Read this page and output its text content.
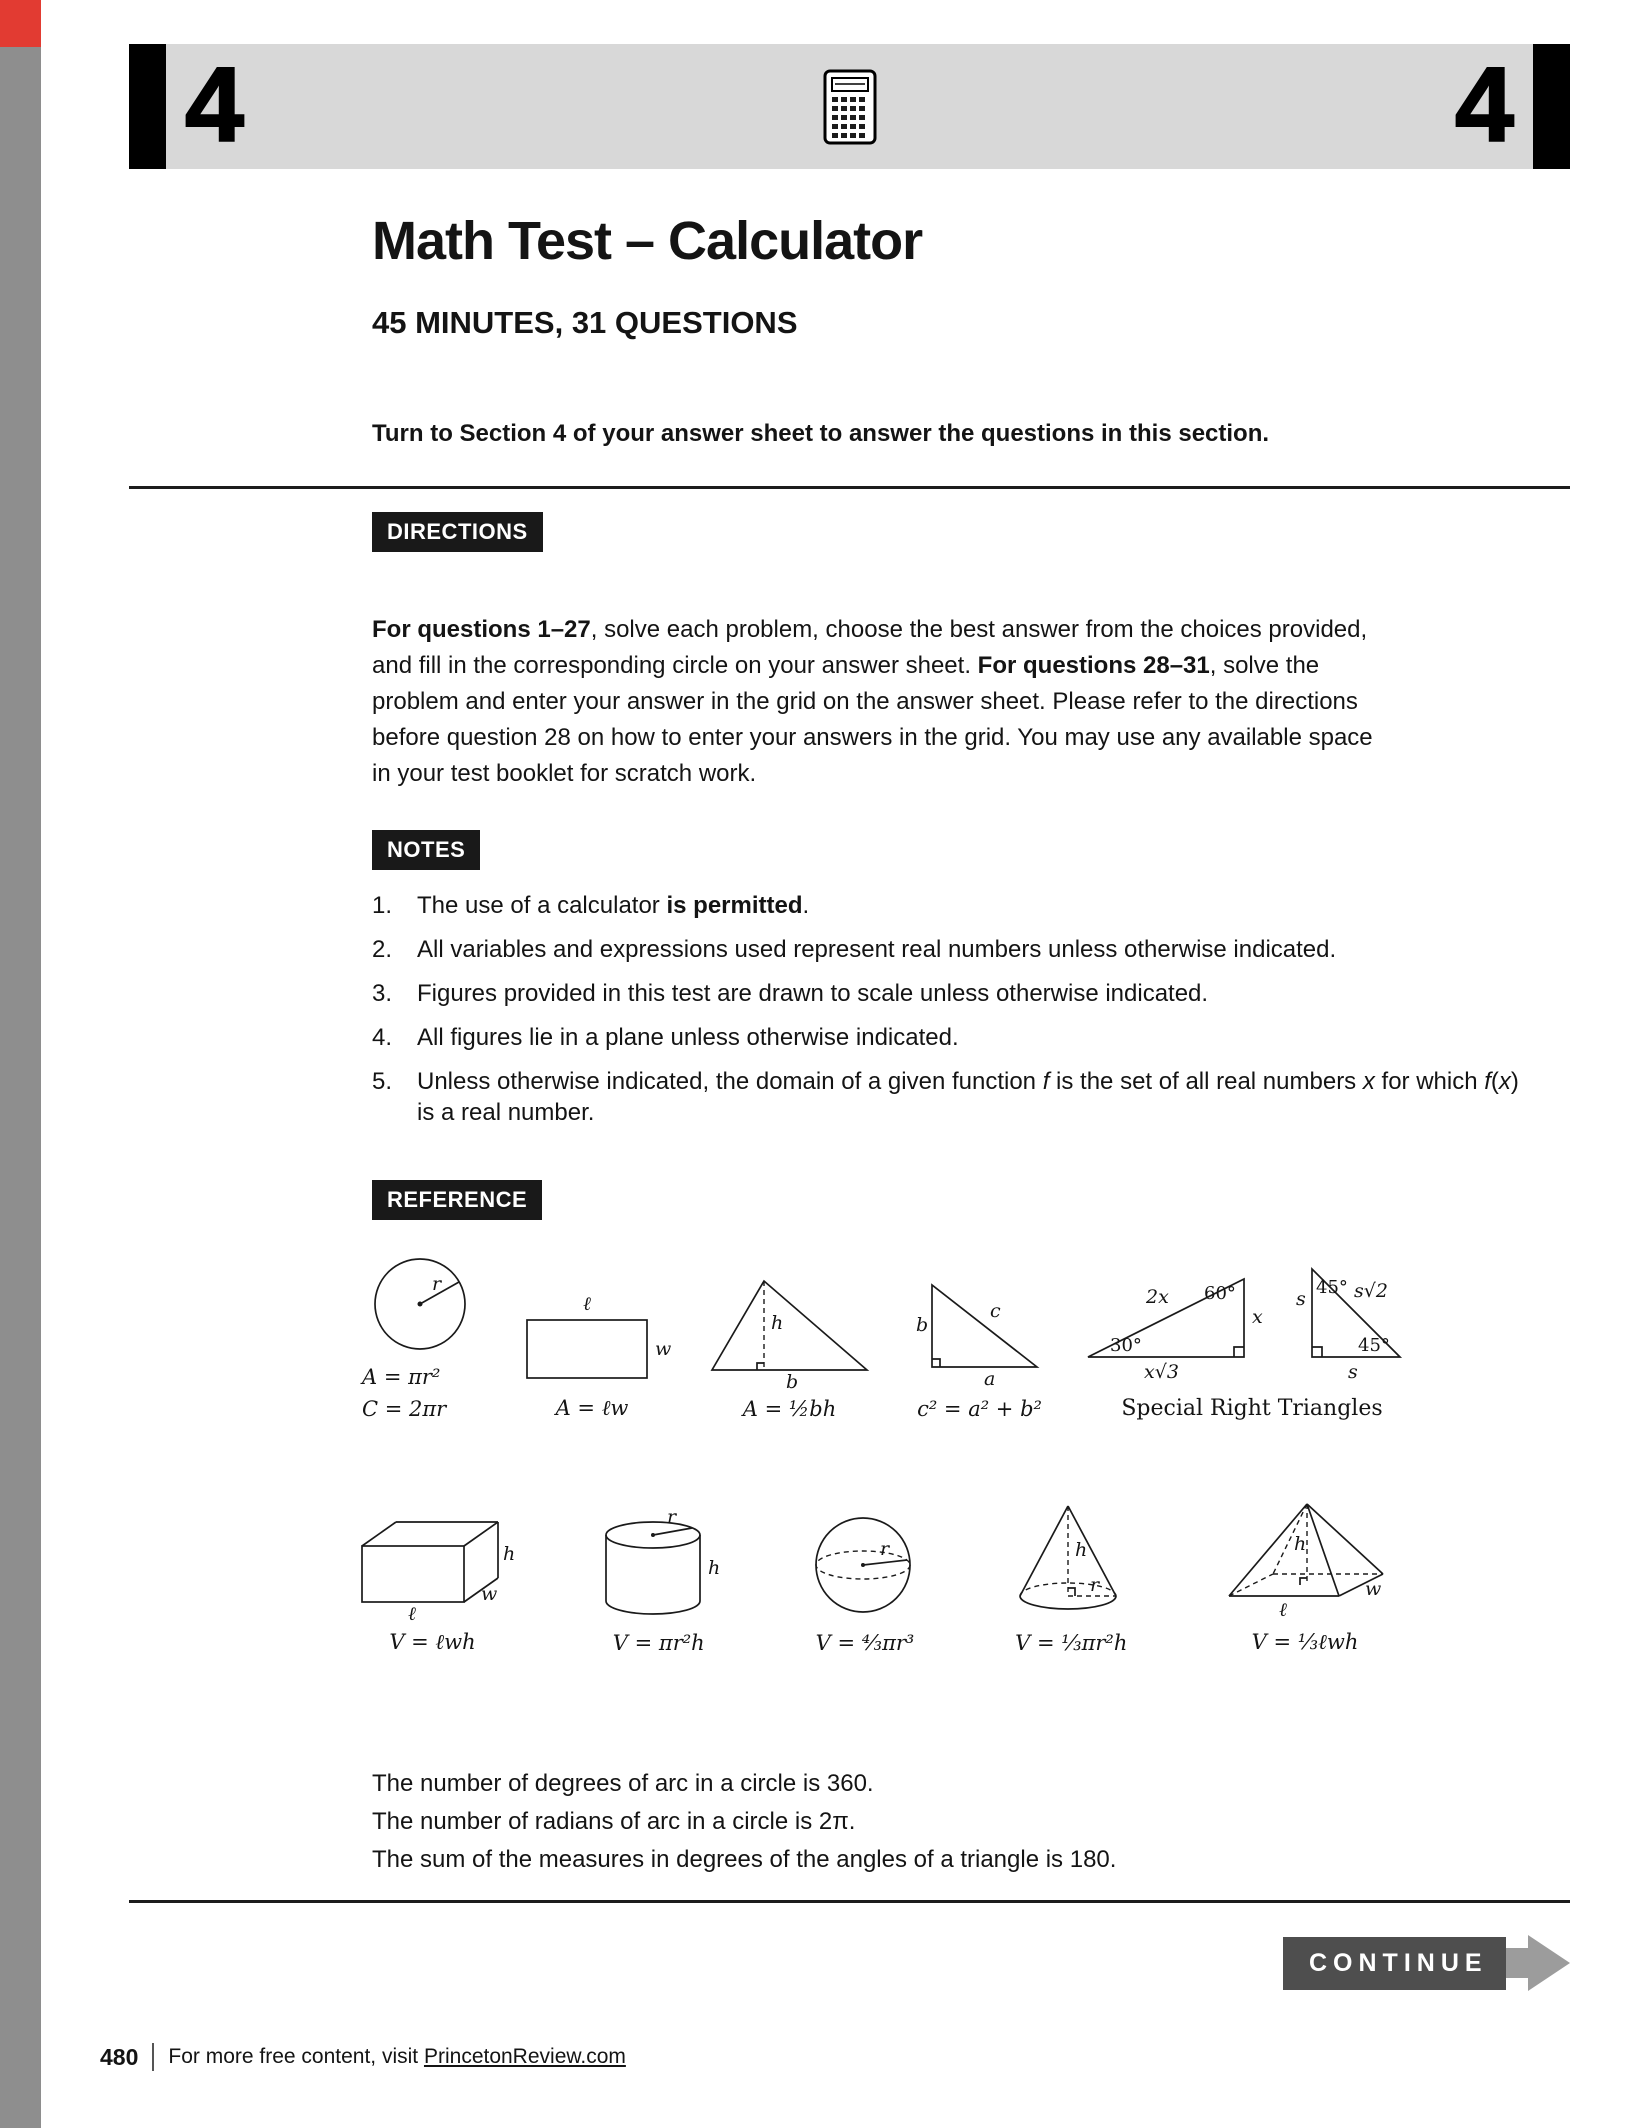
4	4
Math Test – Calculator
45 MINUTES, 31 QUESTIONS
Turn to Section 4 of your answer sheet to answer the questions in this section.
DIRECTIONS

For questions 1–27, solve each problem, choose the best answer from the choices provided, and fill in the corresponding circle on your answer sheet. For questions 28–31, solve the problem and enter your answer in the grid on the answer sheet. Please refer to the directions before question 28 on how to enter your answers in the grid. You may use any available space in your test booklet for scratch work.

NOTES
1.	The use of a calculator is permitted.
2.	All variables and expressions used represent real numbers unless otherwise indicated.
3.	Figures provided in this test are drawn to scale unless otherwise indicated.
4.	All figures lie in a plane unless otherwise indicated.
5.	Unless otherwise indicated, the domain of a given function f is the set of all real numbers x for which f(x) is a real number.
REFERENCE
r
A = πr²
C = 2πr
ℓ
w
A = ℓw
h
b
A = ½bh
b
c
a
c² = a² + b²
2x 60°
x
30°
x√3
s
45° s√2
45°
s
Special Right Triangles
h
w
ℓ
V = ℓwh
r
h
V = πr²h
r
V = ⁴⁄₃πr³
h
r
V = ⅓πr²h
h
w
ℓ
V = ⅓ℓwh
The number of degrees of arc in a circle is 360.
The number of radians of arc in a circle is 2π.
The sum of the measures in degrees of the angles of a triangle is 180.
CONTINUE
480 For more free content, visit PrincetonReview.com
